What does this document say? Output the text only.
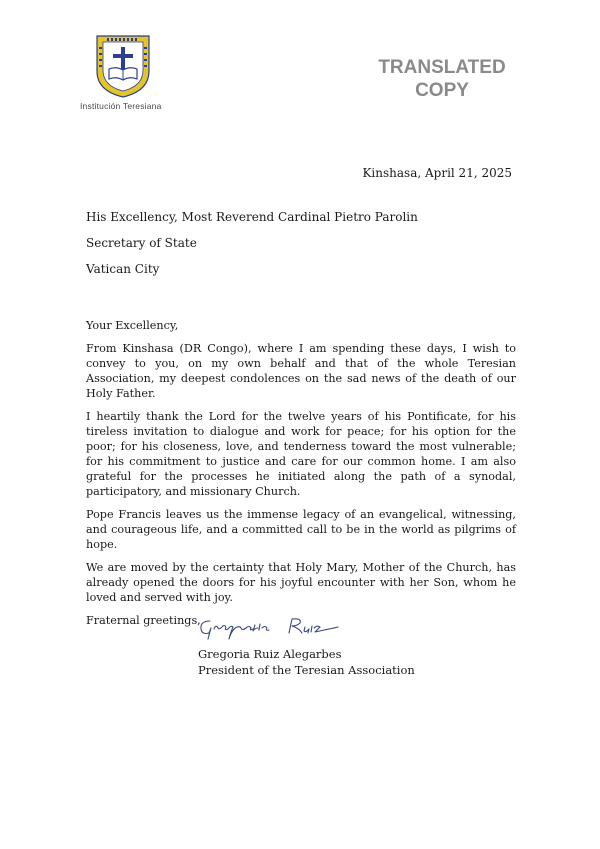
Institución Teresiana
TRANSLATED
COPY
Kinshasa, April 21, 2025
His Excellency, Most Reverend Cardinal Pietro Parolin
Secretary of State
Vatican City

Your Excellency,

From Kinshasa (DR Congo), where I am spending these days, I wish to convey to you, on my own behalf and that of the whole Teresian Association, my deepest condolences on the sad news of the death of our Holy Father.

I heartily thank the Lord for the twelve years of his Pontificate, for his tireless invitation to dialogue and work for peace; for his option for the poor; for his closeness, love, and tenderness toward the most vulnerable; for his commitment to justice and care for our common home. I am also grateful for the processes he initiated along the path of a synodal, participatory, and missionary Church.

Pope Francis leaves us the immense legacy of an evangelical, witnessing, and courageous life, and a committed call to be in the world as pilgrims of hope.

We are moved by the certainty that Holy Mary, Mother of the Church, has already opened the doors for his joyful encounter with her Son, whom he loved and served with joy.

Fraternal greetings,

Gregoria Ruiz Alegarbes
President of the Teresian Association
